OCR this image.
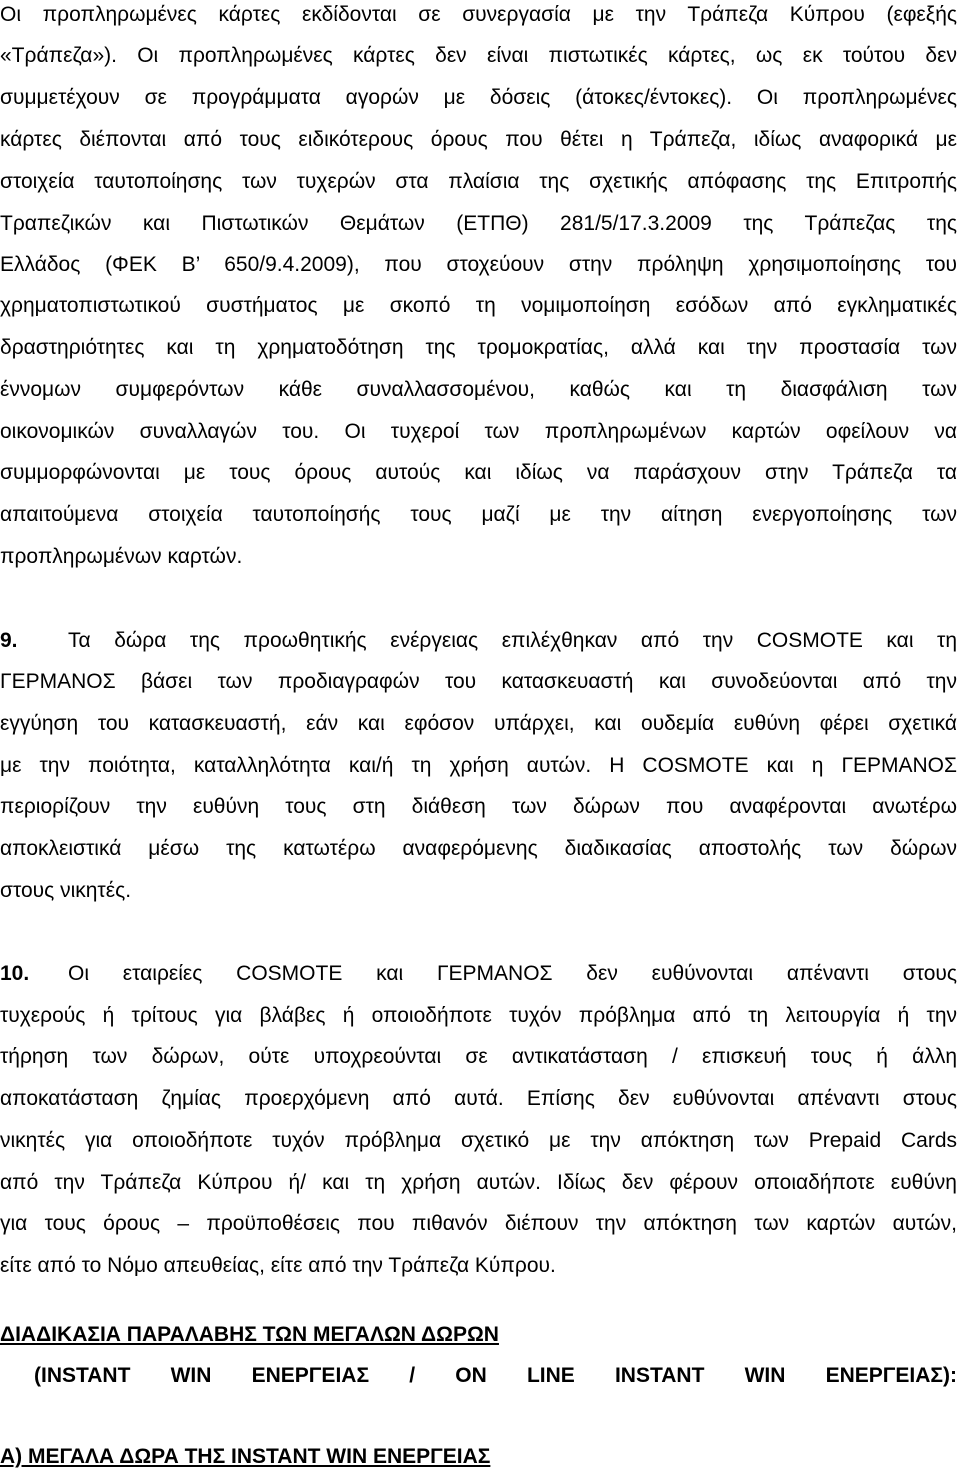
Οι προπληρωμένες κάρτες εκδίδονται σε συνεργασία με την Τράπεζα Κύπρου (εφεξής
«Τράπεζα»). Οι προπληρωμένες κάρτες δεν είναι πιστωτικές κάρτες, ως εκ τούτου δεν
συμμετέχουν σε προγράμματα αγορών με δόσεις (άτοκες/έντοκες). Οι προπληρωμένες
κάρτες διέπονται από τους ειδικότερους όρους που θέτει η Τράπεζα, ιδίως αναφορικά με
στοιχεία ταυτοποίησης των τυχερών στα πλαίσια της σχετικής απόφασης της Επιτροπής
Τραπεζικών και Πιστωτικών Θεμάτων (ΕΤΠΘ) 281/5/17.3.2009 της Τράπεζας της
Ελλάδος (ΦΕΚ Β’ 650/9.4.2009), που στοχεύουν στην πρόληψη χρησιμοποίησης του
χρηματοπιστωτικού συστήματος με σκοπό τη νομιμοποίηση εσόδων από εγκληματικές
δραστηριότητες και τη χρηματοδότηση της τρομοκρατίας, αλλά και την προστασία των
έννομων συμφερόντων κάθε συναλλασσομένου, καθώς και τη διασφάλιση των
οικονομικών συναλλαγών του. Οι τυχεροί των προπληρωμένων καρτών οφείλουν να
συμμορφώνονται με τους όρους αυτούς και ιδίως να παράσχουν στην Τράπεζα τα
απαιτούμενα στοιχεία ταυτοποίησής τους μαζί με την αίτηση ενεργοποίησης των
προπληρωμένων καρτών.
9. Τα δώρα της προωθητικής ενέργειας επιλέχθηκαν από την COSMOTE και τη
ΓΕΡΜΑΝΟΣ βάσει των προδιαγραφών του κατασκευαστή και συνοδεύονται από την
εγγύηση του κατασκευαστή, εάν και εφόσον υπάρχει, και ουδεμία ευθύνη φέρει σχετικά
με την ποιότητα, καταλληλότητα και/ή τη χρήση αυτών. Η COSMOTE και η ΓΕΡΜΑΝΟΣ
περιορίζουν την ευθύνη τους στη διάθεση των δώρων που αναφέρονται ανωτέρω
αποκλειστικά μέσω της κατωτέρω αναφερόμενης διαδικασίας αποστολής των δώρων
στους νικητές.
10. Οι εταιρείες COSMOTE και ΓΕΡΜΑΝΟΣ δεν ευθύνονται απέναντι στους
τυχερούς ή τρίτους για βλάβες ή οποιοδήποτε τυχόν πρόβλημα από τη λειτουργία ή την
τήρηση των δώρων, ούτε υποχρεούνται σε αντικατάσταση / επισκευή τους ή άλλη
αποκατάσταση ζημίας προερχόμενη από αυτά. Επίσης δεν ευθύνονται απέναντι στους
νικητές για οποιοδήποτε τυχόν πρόβλημα σχετικό με την απόκτηση των Prepaid Cards
από την Τράπεζα Κύπρου ή/ και τη χρήση αυτών. Ιδίως δεν φέρουν οποιαδήποτε ευθύνη
για τους όρους – προϋποθέσεις που πιθανόν διέπουν την απόκτηση των καρτών αυτών,
είτε από το Νόμο απευθείας, είτε από την Τράπεζα Κύπρου.
ΔΙΑΔΙΚΑΣΙΑ ΠΑΡΑΛΑΒΗΣ ΤΩΝ ΜΕΓΑΛΩΝ ΔΩΡΩΝ
(INSTANT WIN ΕΝΕΡΓΕΙΑΣ / ON LINE INSTANT WIN ΕΝΕΡΓΕΙΑΣ):
Α) ΜΕΓΑΛΑ ΔΩΡΑ ΤΗΣ INSTANT WIN ΕΝΕΡΓΕΙΑΣ
